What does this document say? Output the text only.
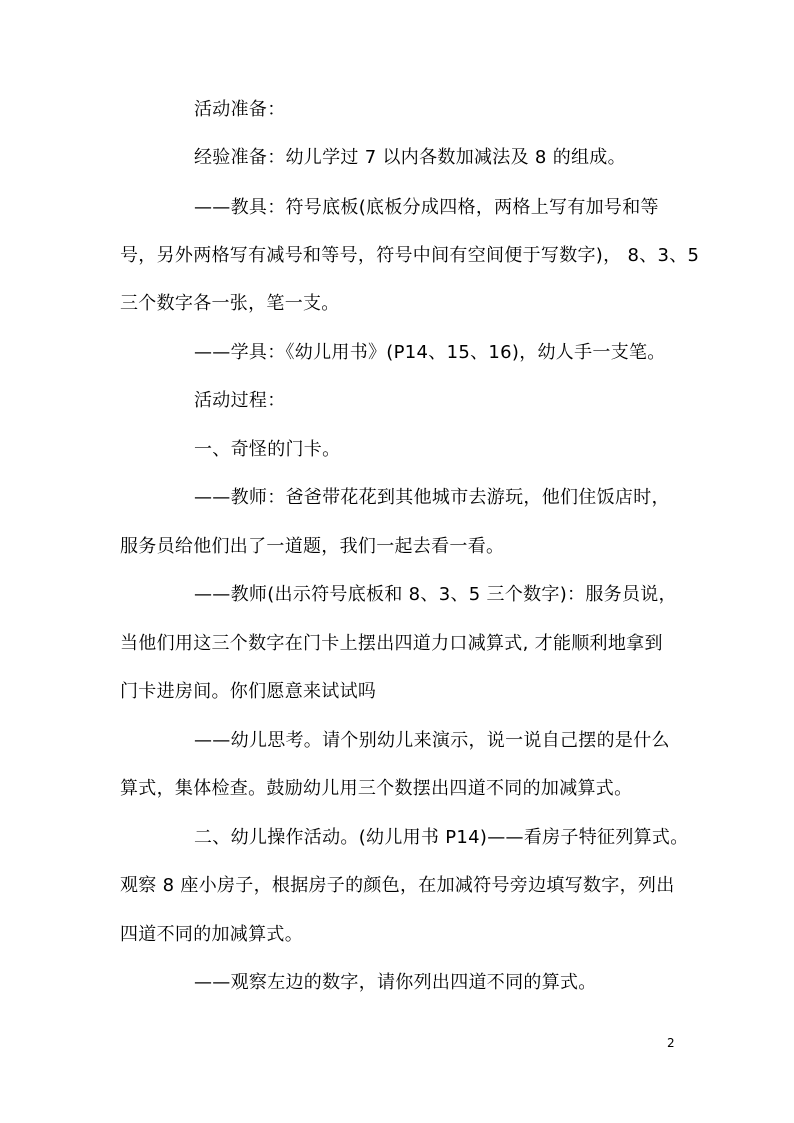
活动准备：
经验准备：幼儿学过 7 以内各数加减法及 8 的组成。
——教具：符号底板(底板分成四格，两格上写有加号和等
号，另外两格写有减号和等号，符号中间有空间便于写数字)， 8、3、5
三个数字各一张，笔一支。
——学具：《幼儿用书》(P14、15、16)，幼人手一支笔。
活动过程：
一、奇怪的门卡。
——教师：爸爸带花花到其他城市去游玩，他们住饭店时，
服务员给他们出了一道题，我们一起去看一看。
——教师(出示符号底板和 8、3、5 三个数字)：服务员说，
当他们用这三个数字在门卡上摆出四道力口减算式, 才能顺利地拿到
门卡进房间。你们愿意来试试吗
——幼儿思考。请个别幼儿来演示，说一说自己摆的是什么
算式，集体检查。鼓励幼儿用三个数摆出四道不同的加减算式。
二、幼儿操作活动。(幼儿用书 P14)——看房子特征列算式。
观察 8 座小房子，根据房子的颜色，在加减符号旁边填写数字，列出
四道不同的加减算式。
——观察左边的数字，请你列出四道不同的算式。
2
